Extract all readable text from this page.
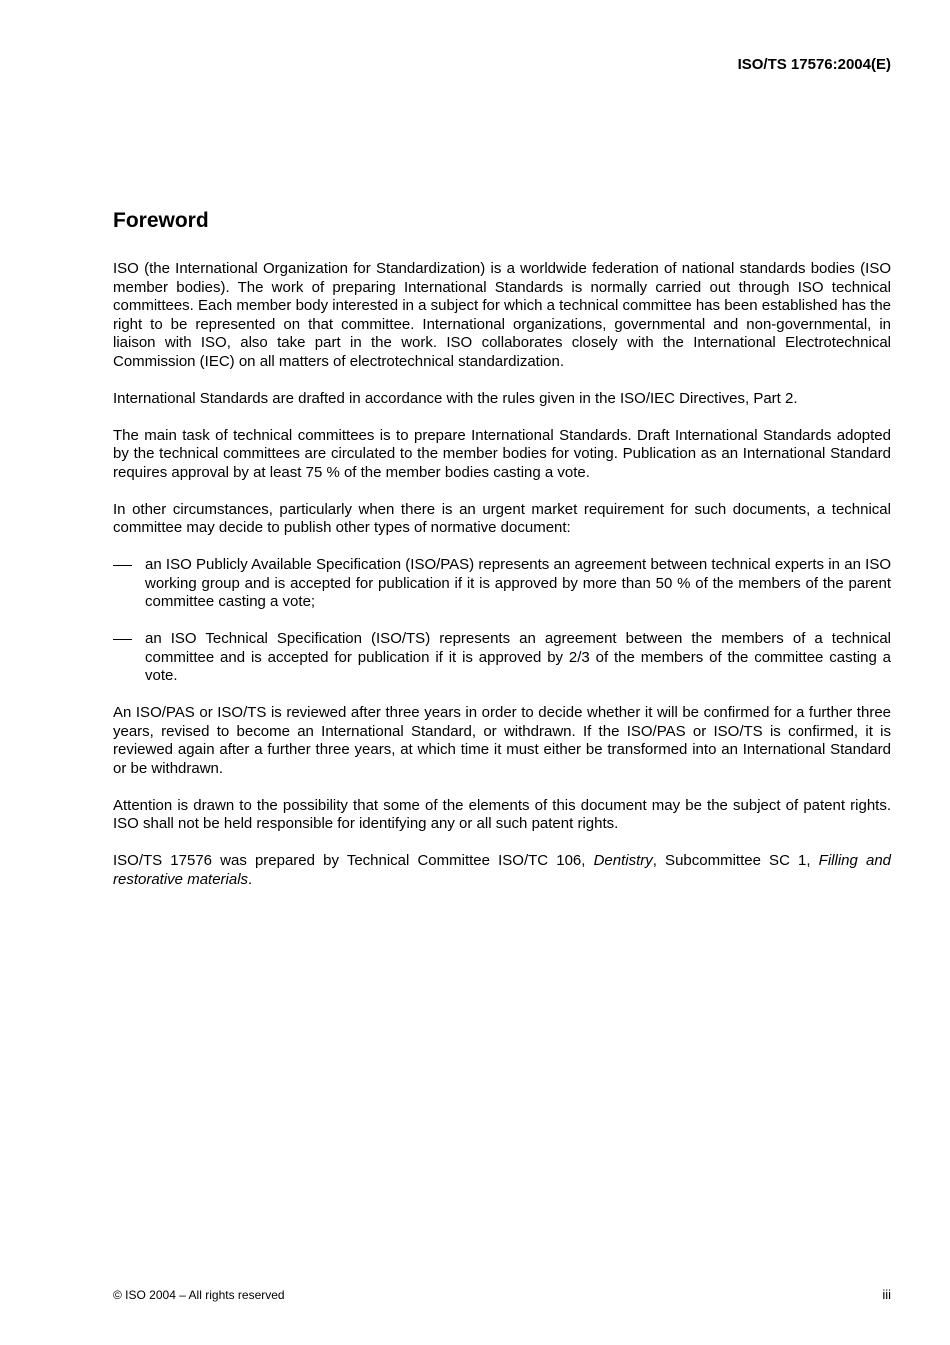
ISO/TS 17576:2004(E)

Foreword

ISO (the International Organization for Standardization) is a worldwide federation of national standards bodies (ISO member bodies). The work of preparing International Standards is normally carried out through ISO technical committees. Each member body interested in a subject for which a technical committee has been established has the right to be represented on that committee. International organizations, governmental and non-governmental, in liaison with ISO, also take part in the work. ISO collaborates closely with the International Electrotechnical Commission (IEC) on all matters of electrotechnical standardization.

International Standards are drafted in accordance with the rules given in the ISO/IEC Directives, Part 2.

The main task of technical committees is to prepare International Standards. Draft International Standards adopted by the technical committees are circulated to the member bodies for voting. Publication as an International Standard requires approval by at least 75 % of the member bodies casting a vote.

In other circumstances, particularly when there is an urgent market requirement for such documents, a technical committee may decide to publish other types of normative document:

an ISO Publicly Available Specification (ISO/PAS) represents an agreement between technical experts in an ISO working group and is accepted for publication if it is approved by more than 50 % of the members of the parent committee casting a vote;
an ISO Technical Specification (ISO/TS) represents an agreement between the members of a technical committee and is accepted for publication if it is approved by 2/3 of the members of the committee casting a vote.

An ISO/PAS or ISO/TS is reviewed after three years in order to decide whether it will be confirmed for a further three years, revised to become an International Standard, or withdrawn. If the ISO/PAS or ISO/TS is confirmed, it is reviewed again after a further three years, at which time it must either be transformed into an International Standard or be withdrawn.

Attention is drawn to the possibility that some of the elements of this document may be the subject of patent rights. ISO shall not be held responsible for identifying any or all such patent rights.

ISO/TS 17576 was prepared by Technical Committee ISO/TC 106, Dentistry, Subcommittee SC 1, Filling and restorative materials.

© ISO 2004 – All rights reserved	iii
